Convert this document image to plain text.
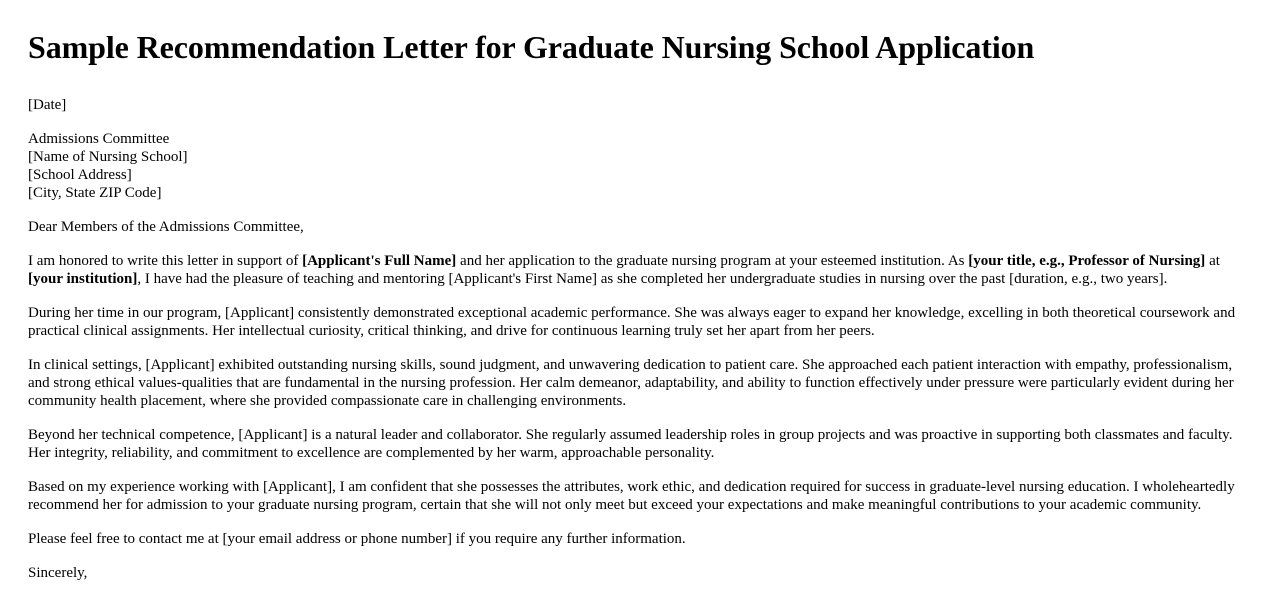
Sample Recommendation Letter for Graduate Nursing School Application
[Date]
Admissions Committee
[Name of Nursing School]
[School Address]
[City, State ZIP Code]
Dear Members of the Admissions Committee,

I am honored to write this letter in support of [Applicant's Full Name] and her application to the graduate nursing program at your esteemed institution. As [your title, e.g., Professor of Nursing] at [your institution], I have had the pleasure of teaching and mentoring [Applicant's First Name] as she completed her undergraduate studies in nursing over the past [duration, e.g., two years].

During her time in our program, [Applicant] consistently demonstrated exceptional academic performance. She was always eager to expand her knowledge, excelling in both theoretical coursework and practical clinical assignments. Her intellectual curiosity, critical thinking, and drive for continuous learning truly set her apart from her peers.

In clinical settings, [Applicant] exhibited outstanding nursing skills, sound judgment, and unwavering dedication to patient care. She approached each patient interaction with empathy, professionalism, and strong ethical values-qualities that are fundamental in the nursing profession. Her calm demeanor, adaptability, and ability to function effectively under pressure were particularly evident during her community health placement, where she provided compassionate care in challenging environments.

Beyond her technical competence, [Applicant] is a natural leader and collaborator. She regularly assumed leadership roles in group projects and was proactive in supporting both classmates and faculty. Her integrity, reliability, and commitment to excellence are complemented by her warm, approachable personality.

Based on my experience working with [Applicant], I am confident that she possesses the attributes, work ethic, and dedication required for success in graduate-level nursing education. I wholeheartedly recommend her for admission to your graduate nursing program, certain that she will not only meet but exceed your expectations and make meaningful contributions to your academic community.

Please feel free to contact me at [your email address or phone number] if you require any further information.

Sincerely,
